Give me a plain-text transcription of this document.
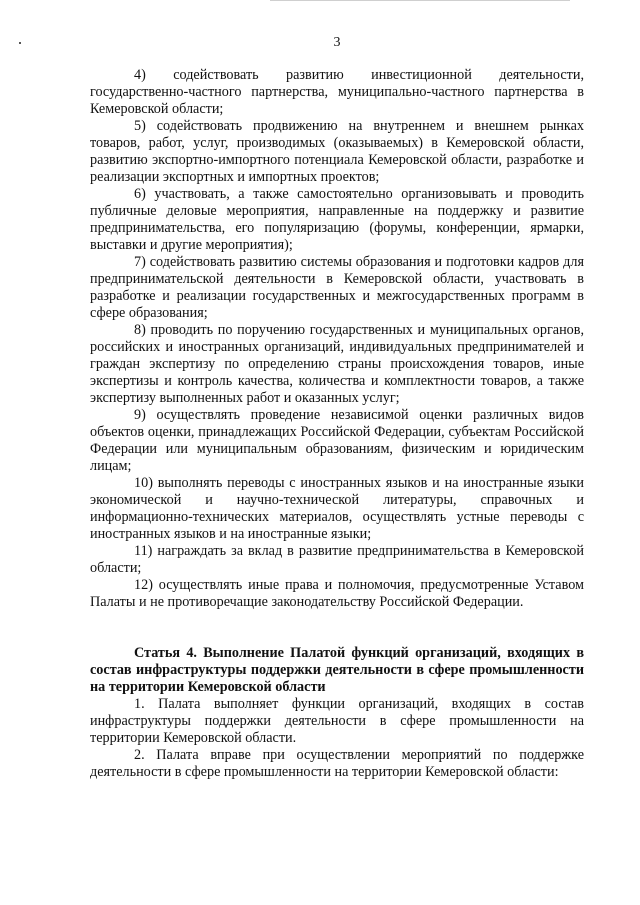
3

4) содействовать развитию инвестиционной деятельности, государственно-частного партнерства, муниципально-частного партнерства в Кемеровской области;

5) содействовать продвижению на внутреннем и внешнем рынках товаров, работ, услуг, производимых (оказываемых) в Кемеровской области, развитию экспортно-импортного потенциала Кемеровской области, разработке и реализации экспортных и импортных проектов;

6) участвовать, а также самостоятельно организовывать и проводить публичные деловые мероприятия, направленные на поддержку и развитие предпринимательства, его популяризацию (форумы, конференции, ярмарки, выставки и другие мероприятия);

7) содействовать развитию системы образования и подготовки кадров для предпринимательской деятельности в Кемеровской области, участвовать в разработке и реализации государственных и межгосударственных программ в сфере образования;

8) проводить по поручению государственных и муниципальных органов, российских и иностранных организаций, индивидуальных предпринимателей и граждан экспертизу по определению страны происхождения товаров, иные экспертизы и контроль качества, количества и комплектности товаров, а также экспертизу выполненных работ и оказанных услуг;

9) осуществлять проведение независимой оценки различных видов объектов оценки, принадлежащих Российской Федерации, субъектам Российской Федерации или муниципальным образованиям, физическим и юридическим лицам;

10) выполнять переводы с иностранных языков и на иностранные языки экономической и научно-технической литературы, справочных и информационно-технических материалов, осуществлять устные переводы с иностранных языков и на иностранные языки;

11) награждать за вклад в развитие предпринимательства в Кемеровской области;

12) осуществлять иные права и полномочия, предусмотренные Уставом Палаты и не противоречащие законодательству Российской Федерации.

Статья 4. Выполнение Палатой функций организаций, входящих в состав инфраструктуры поддержки деятельности в сфере промышленности на территории Кемеровской области

1. Палата выполняет функции организаций, входящих в состав инфраструктуры поддержки деятельности в сфере промышленности на территории Кемеровской области.

2. Палата вправе при осуществлении мероприятий по поддержке деятельности в сфере промышленности на территории Кемеровской области:
